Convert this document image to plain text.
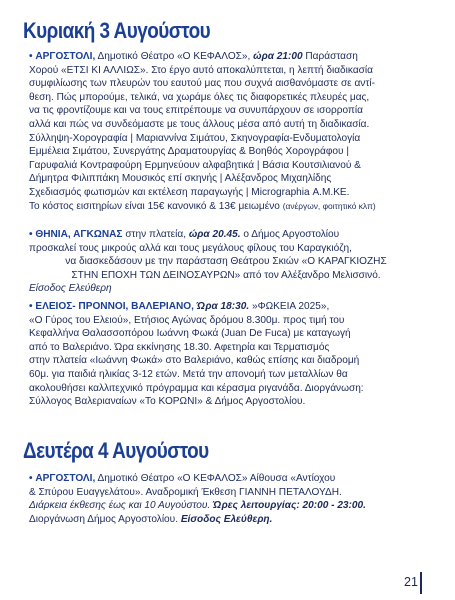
Κυριακή 3 Αυγούστου

• ΑΡΓΟΣΤΟΛΙ, Δημοτικό Θέατρο «Ο ΚΕΦΑΛΟΣ», ώρα 21:00 Παράσταση

Χορού «ΕΤΣΙ ΚΙ ΑΛΛΙΩΣ». Στο έργο αυτό αποκαλύπτεται, η λεπτή διαδικασία

συμφιλίωσης των πλευρών του εαυτού μας που συχνά αισθανόμαστε σε αντί-

θεση. Πώς μπορούμε, τελικά, να χωράμε όλες τις διαφορετικές πλευρές μας,

να τις φροντίζουμε και να τους επιτρέπουμε να συνυπάρχουν σε ισορροπία

αλλά και πώς να συνδεόμαστε με τους άλλους μέσα από αυτή τη διαδικασία.

Σύλληψη-Χορογραφία | Μαριαννίνα Σιμάτου, Σκηνογραφία-Ενδυματολογία

Εμμέλεια Σιμάτου, Συνεργάτης Δραματουργίας & Βοηθός Χορογράφου |

Γαρυφαλιά Κοντραφούρη Ερμηνεύουν αλφαβητικά | Βάσια Κουτσιλιανού &

Δήμητρα Φιλιππάκη Μουσικός επί σκηνής | Αλέξανδρος Μιχαηλίδης

Σχεδιασμός φωτισμών και εκτέλεση παραγωγής | Micrographia Α.Μ.ΚΕ.

Το κόστος εισιτηρίων είναι 15€ κανονικό & 13€ μειωμένο (ανέργων, φοιτητικό κλπ)

• ΘΗΝΙΑ, ΑΓΚΩΝΑΣ στην πλατεία, ώρα 20.45. ο Δήμος Αργοστολίου

προσκαλεί τους μικρούς αλλά και τους μεγάλους φίλους του Καραγκιόζη,

να διασκεδάσουν με την παράσταση Θεάτρου Σκιών «Ο ΚΑΡΑΓΚΙΟΖΗΣ

ΣΤΗΝ ΕΠΟΧΗ ΤΩΝ ΔΕΙΝΟΣΑΥΡΩΝ» από τον Αλέξανδρο Μελισσινό.

Είσοδος Ελεύθερη

• ΕΛΕΙΟΣ- ΠΡΟΝΝΟΙ, ΒΑΛΕΡΙΑΝΟ, Ώρα 18:30. »ΦΩΚΕΙΑ 2025»,

«Ο Γύρος του Ελειού», Ετήσιος Αγώνας δρόμου 8.300μ. προς τιμή του

Κεφαλλήνα Θαλασσοπόρου Ιωάννη Φωκά (Juan De Fuca) με καταγωγή

από το Βαλεριάνο. Ώρα εκκίνησης 18.30. Αφετηρία και Τερματισμός

στην πλατεία «Ιωάννη Φωκά» στο Βαλεριάνο, καθώς επίσης και διαδρομή

60μ. για παιδιά ηλικίας 3-12 ετών. Μετά την απονομή των μεταλλίων θα

ακολουθήσει καλλιτεχνικό πρόγραμμα και κέρασμα ριγανάδα. Διοργάνωση:

Σύλλογος Βαλεριαναίων «Το ΚΟΡΩΝΙ» & Δήμος Αργοστολίου.

Δευτέρα 4 Αυγούστου

• ΑΡΓΟΣΤΟΛΙ, Δημοτικό Θέατρο «Ο ΚΕΦΑΛΟΣ» Αίθουσα «Αντίοχου

& Σπύρου Ευαγγελάτου». Αναδρομική Έκθεση ΓΙΑΝΝΗ ΠΕΤΑΛΟΥΔΗ.

Διάρκεια έκθεσης έως και 10 Αυγούστου. Ώρες λειτουργίας: 20:00 - 23:00.

Διοργάνωση Δήμος Αργοστολίου. Είσοδος Ελεύθερη.

21
